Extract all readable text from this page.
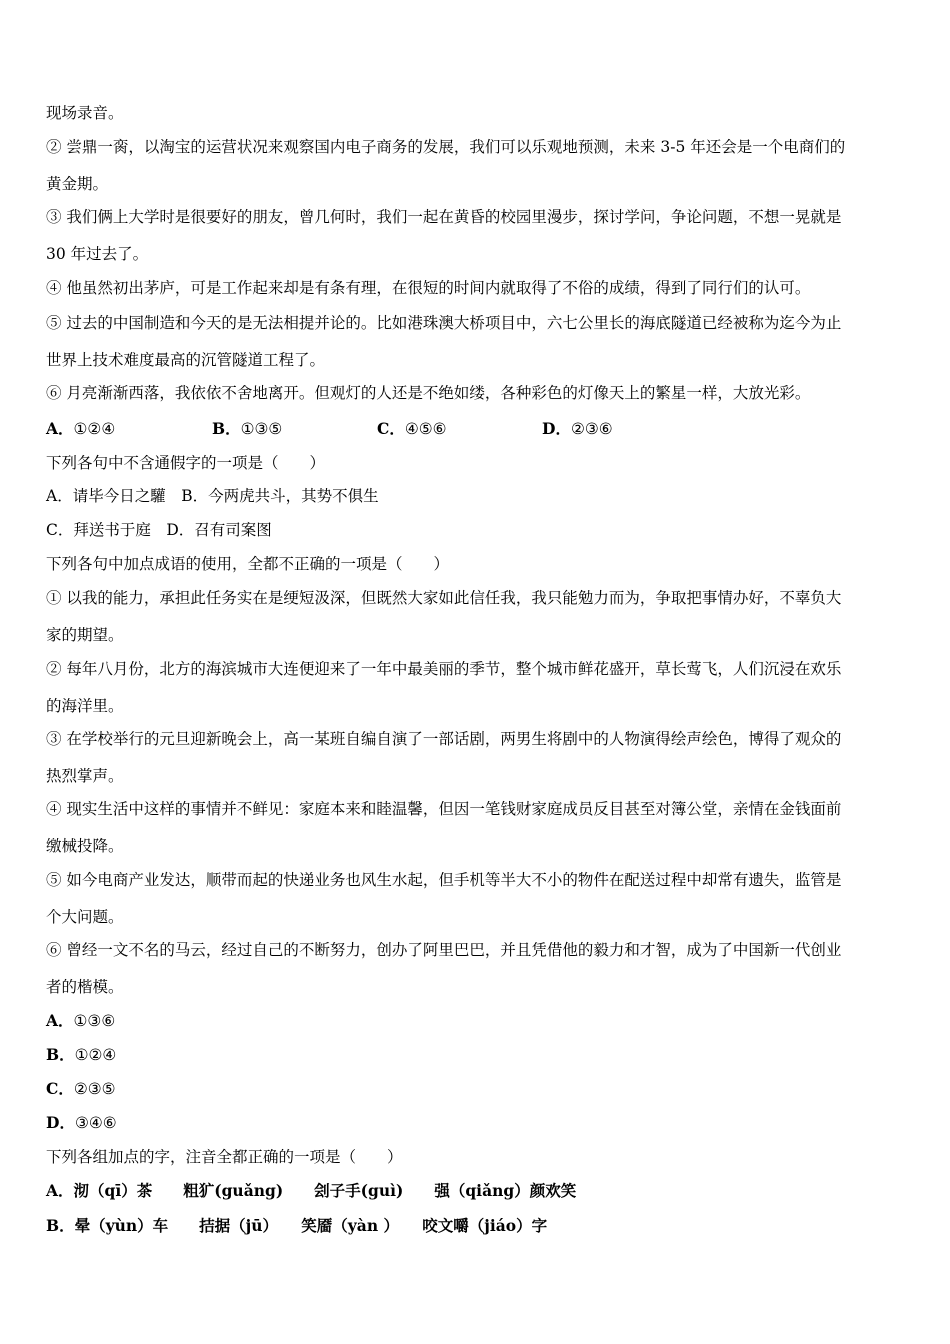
现场录音。
② 尝鼎一脔，以淘宝的运营状况来观察国内电子商务的发展，我们可以乐观地预测，未来 3-5 年还会是一个电商们的
黄金期。
③ 我们俩上大学时是很要好的朋友，曾几何时，我们一起在黄昏的校园里漫步，探讨学问，争论问题，不想一晃就是
30 年过去了。
④ 他虽然初出茅庐，可是工作起来却是有条有理，在很短的时间内就取得了不俗的成绩，得到了同行们的认可。
⑤ 过去的中国制造和今天的是无法相提并论的。比如港珠澳大桥项目中，六七公里长的海底隧道已经被称为迄今为止
世界上技术难度最高的沉管隧道工程了。
⑥ 月亮渐渐西落，我依依不舍地离开。但观灯的人还是不绝如缕，各种彩色的灯像天上的繁星一样，大放光彩。
A．①②④	B．①③⑤	C．④⑤⑥	D．②③⑥
下列各句中不含通假字的一项是（　　）
A．请毕今日之驩　B．今两虎共斗，其势不俱生
C．拜送书于庭　D．召有司案图
下列各句中加点成语的使用，全都不正确的一项是（　　）
① 以我的能力，承担此任务实在是绠短汲深，但既然大家如此信任我，我只能勉力而为，争取把事情办好，不辜负大
家的期望。
② 每年八月份，北方的海滨城市大连便迎来了一年中最美丽的季节，整个城市鲜花盛开，草长莺飞，人们沉浸在欢乐
的海洋里。
③ 在学校举行的元旦迎新晚会上，高一某班自编自演了一部话剧，两男生将剧中的人物演得绘声绘色，博得了观众的
热烈掌声。
④ 现实生活中这样的事情并不鲜见：家庭本来和睦温馨，但因一笔钱财家庭成员反目甚至对簿公堂，亲情在金钱面前
缴械投降。
⑤ 如今电商产业发达，顺带而起的快递业务也风生水起，但手机等半大不小的物件在配送过程中却常有遗失，监管是
个大问题。
⑥ 曾经一文不名的马云，经过自己的不断努力，创办了阿里巴巴，并且凭借他的毅力和才智，成为了中国新一代创业
者的楷模。
A．①③⑥
B．①②④
C．②③⑤
D．③④⑥
下列各组加点的字，注音全都正确的一项是（　　）
A．沏（qī）茶　　粗犷(guǎng)　　刽子手(guì)　　强（qiǎng）颜欢笑
B．晕（yùn）车　　拮据（jū）　　笑靥（yàn ）　　咬文嚼（jiáo）字
